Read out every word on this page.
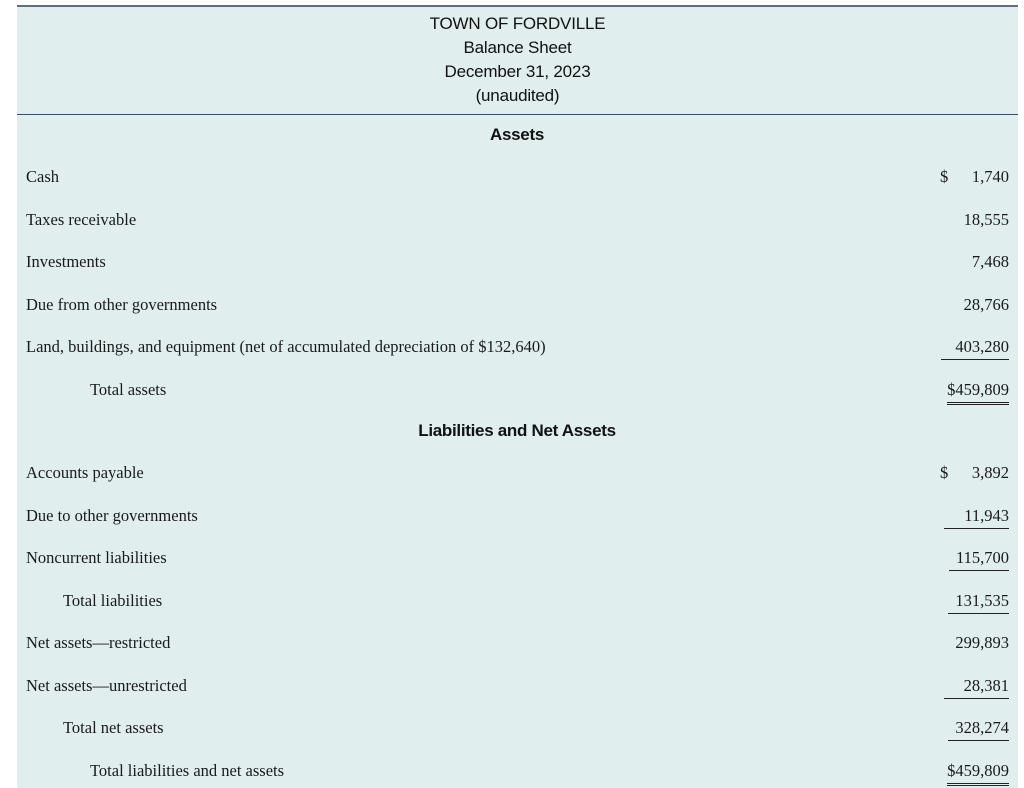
TOWN OF FORDVILLE
Balance Sheet
December 31, 2023
(unaudited)
Assets
Cash	$ 1,740
Taxes receivable	18,555
Investments	7,468
Due from other governments	28,766
Land, buildings, and equipment (net of accumulated depreciation of $132,640)	403,280
Total assets	$459,809
Liabilities and Net Assets
Accounts payable	$ 3,892
Due to other governments	11,943
Noncurrent liabilities	115,700
Total liabilities	131,535
Net assets—restricted	299,893
Net assets—unrestricted	28,381
Total net assets	328,274
Total liabilities and net assets	$459,809
